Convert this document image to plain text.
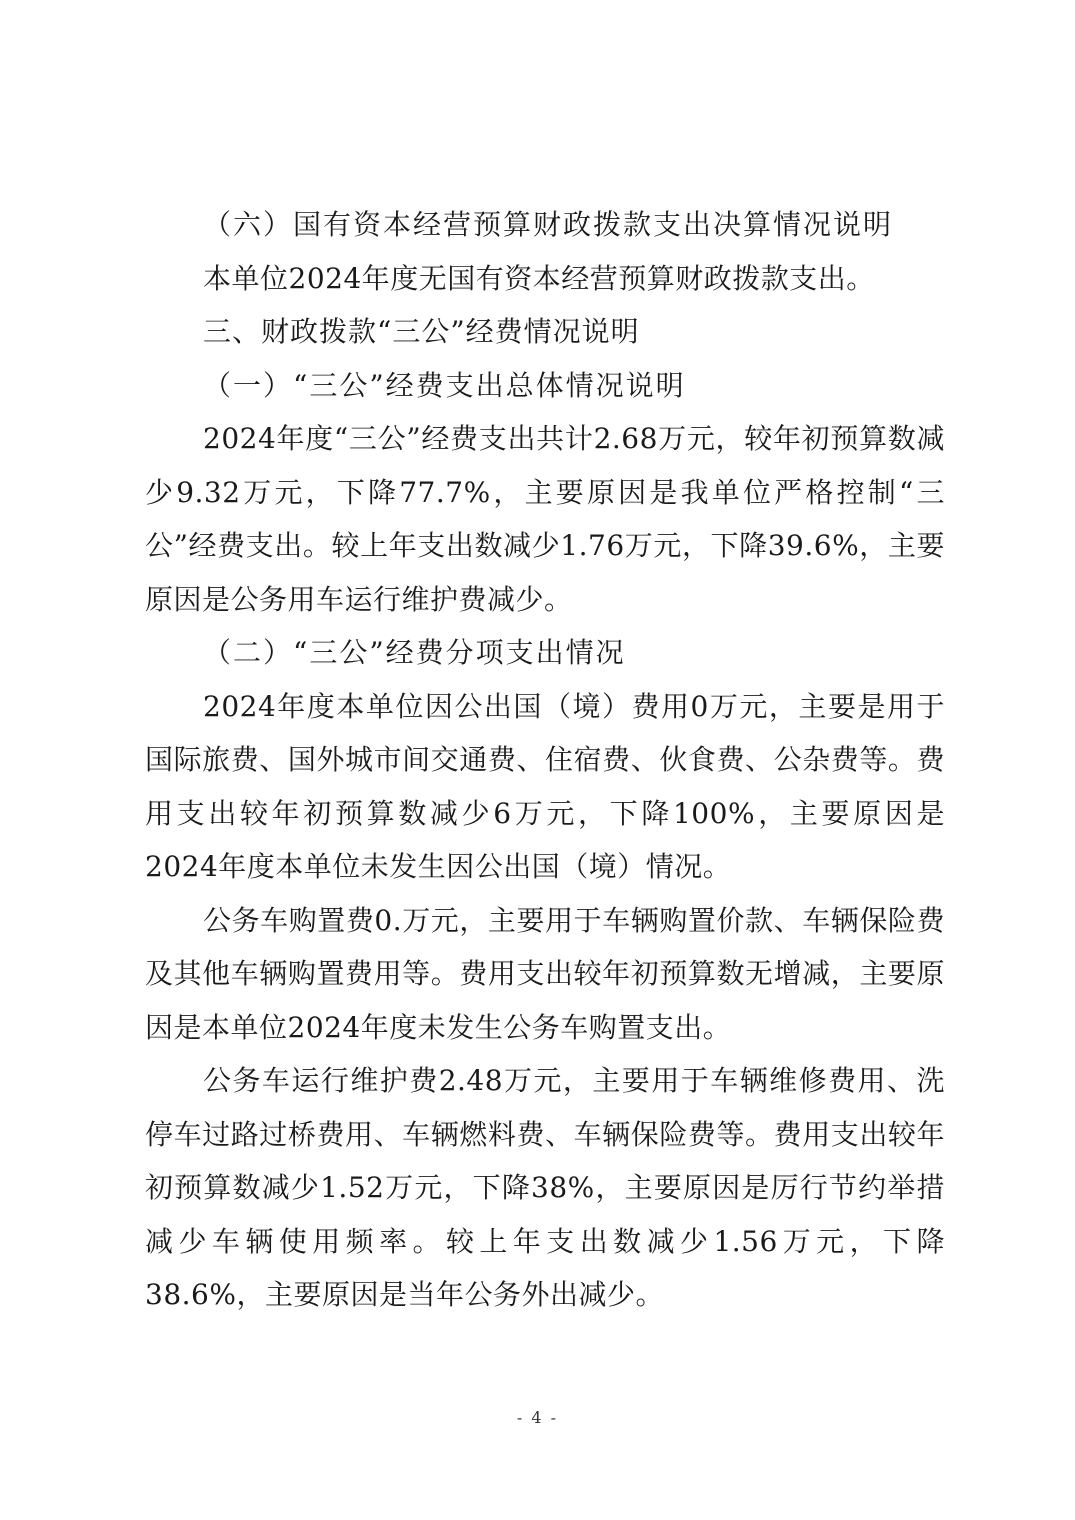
（六）国有资本经营预算财政拨款支出决算情况说明

本单位2024年度无国有资本经营预算财政拨款支出。

三、财政拨款“三公”经费情况说明

（一）“三公”经费支出总体情况说明

2024年度“三公”经费支出共计2.68万元，较年初预算数减少9.32万元，下降77.7%，主要原因是我单位严格控制“三公”经费支出。较上年支出数减少1.76万元，下降39.6%，主要原因是公务用车运行维护费减少。

（二）“三公”经费分项支出情况

2024年度本单位因公出国（境）费用0万元，主要是用于国际旅费、国外城市间交通费、住宿费、伙食费、公杂费等。费用支出较年初预算数减少6万元，下降100%，主要原因是2024年度本单位未发生因公出国（境）情况。

公务车购置费0.万元，主要用于车辆购置价款、车辆保险费及其他车辆购置费用等。费用支出较年初预算数无增减，主要原因是本单位2024年度未发生公务车购置支出。

公务车运行维护费2.48万元，主要用于车辆维修费用、洗停车过路过桥费用、车辆燃料费、车辆保险费等。费用支出较年初预算数减少1.52万元，下降38%，主要原因是厉行节约举措减少车辆使用频率。较上年支出数减少1.56万元，下降38.6%，主要原因是当年公务外出减少。

- 4 -
